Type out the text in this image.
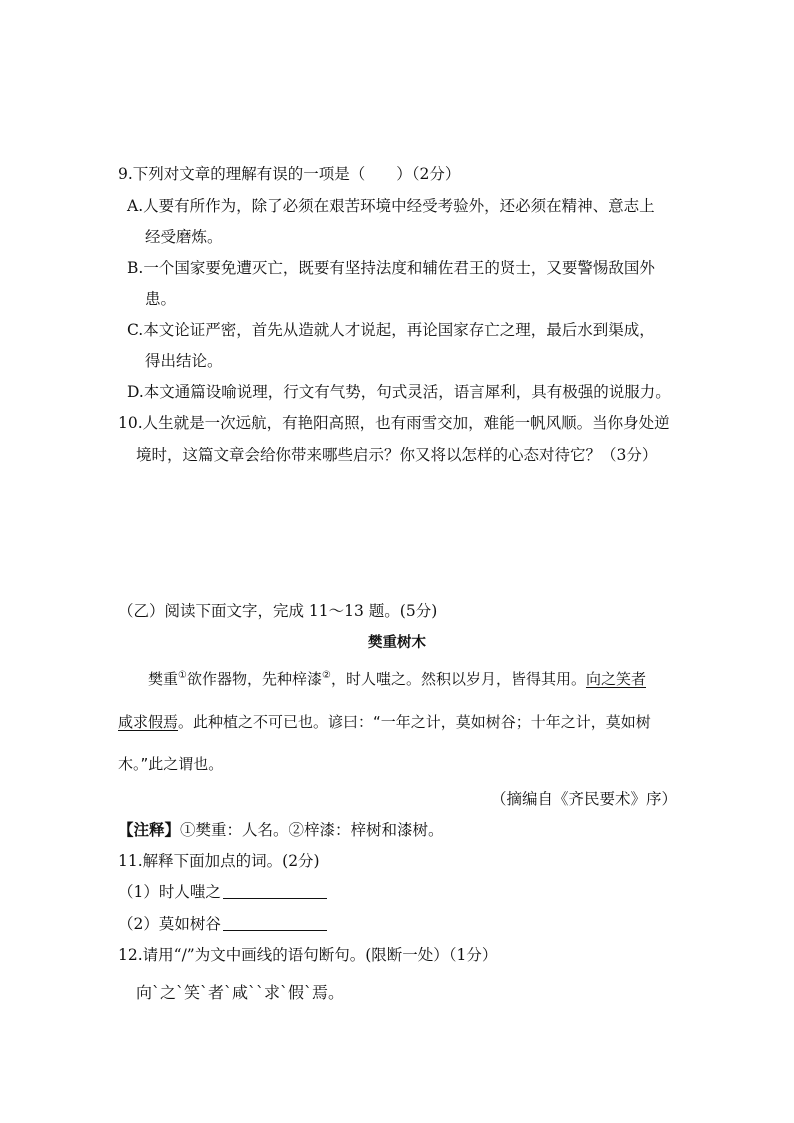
9.下列对文章的理解有误的一项是（　　）（2分）
A.人要有所作为，除了必须在艰苦环境中经受考验外，还必须在精神、意志上
经受磨炼。
B.一个国家要免遭灭亡，既要有坚持法度和辅佐君王的贤士，又要警惕敌国外
患。
C.本文论证严密，首先从造就人才说起，再论国家存亡之理，最后水到渠成，
得出结论。
D.本文通篇设喻说理，行文有气势，句式灵活，语言犀利，具有极强的说服力。
10.人生就是一次远航，有艳阳高照，也有雨雪交加，难能一帆风顺。当你身处逆
境时，这篇文章会给你带来哪些启示？你又将以怎样的心态对待它？（3分）
（乙）阅读下面文字，完成 11～13 题。(5分)
樊重树木
樊重①欲作器物，先种梓漆②，时人嗤之。然积以岁月，皆得其用。向之笑者
咸求假焉。此种植之不可已也。谚曰：“一年之计，莫如树谷；十年之计，莫如树
木。”此之谓也。
（摘编自《齐民要术》序）
【注释】①樊重：人名。②梓漆：梓树和漆树。
11.解释下面加点的词。(2分)
（1）时人嗤之
（2）莫如树谷
12.请用“/”为文中画线的语句断句。(限断一处）（1分）
向ˋ之ˋ笑ˋ者ˋ咸ˋˋ求ˋ假ˋ焉。
